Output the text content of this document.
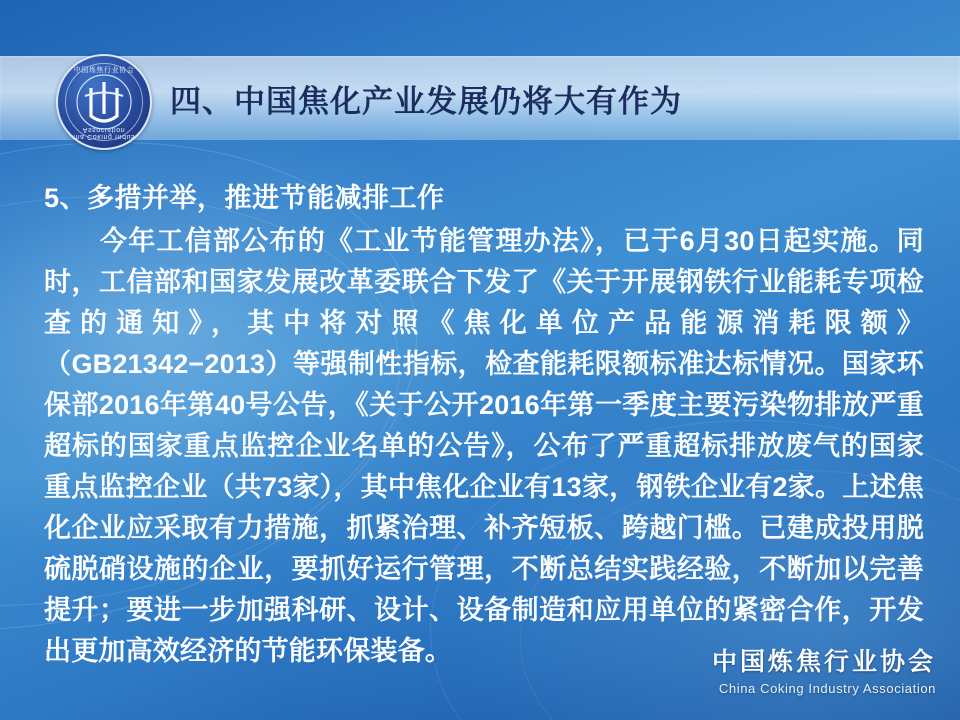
四、中国焦化产业发展仍将大有作为
中国炼焦行业协会
China Coking Industry Association
5、多措并举，推进节能减排工作
今年工信部公布的《工业节能管理办法》，已于6月30日起实施。同时，工信部和国家发展改革委联合下发了《关于开展钢铁行业能耗专项检查的通知》，其中将对照《焦化单位产品能源消耗限额》（GB21342−2013）等强制性指标，检查能耗限额标准达标情况。国家环保部2016年第40号公告，《关于公开2016年第一季度主要污染物排放严重超标的国家重点监控企业名单的公告》，公布了严重超标排放废气的国家重点监控企业（共73家），其中焦化企业有13家，钢铁企业有2家。上述焦化企业应采取有力措施，抓紧治理、补齐短板、跨越门槛。已建成投用脱硫脱硝设施的企业，要抓好运行管理，不断总结实践经验，不断加以完善提升；要进一步加强科研、设计、设备制造和应用单位的紧密合作，开发出更加高效经济的节能环保装备。	中国炼焦行业协会
China Coking Industry Association
